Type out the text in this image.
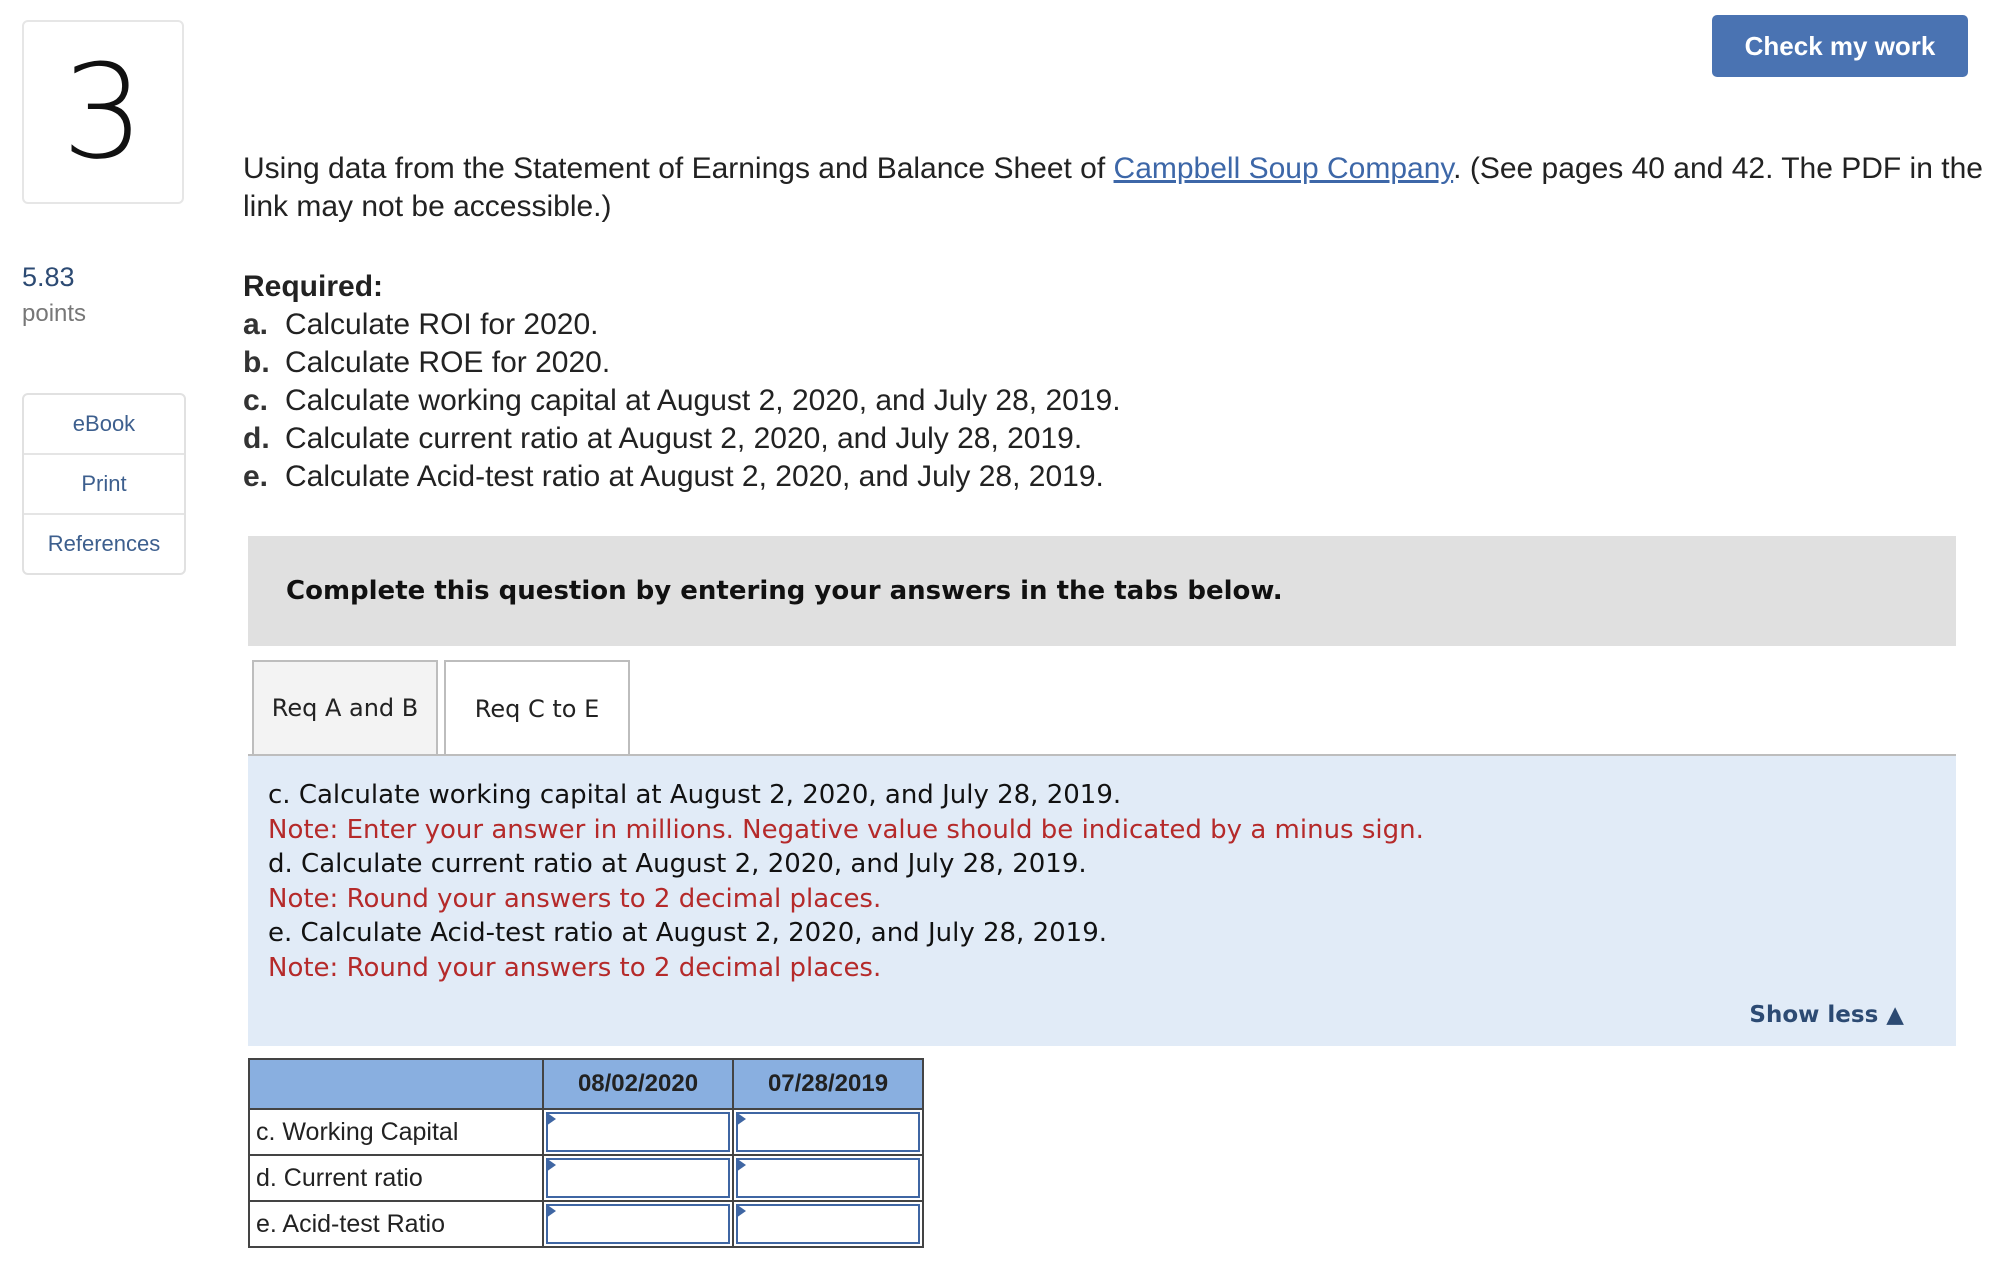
3
5.83
points
eBook
Print
References
Check my work
Using data from the Statement of Earnings and Balance Sheet of Campbell Soup Company. (See pages 40 and 42. The PDF in the link may not be accessible.)
Required:
a. Calculate ROI for 2020.
b. Calculate ROE for 2020.
c. Calculate working capital at August 2, 2020, and July 28, 2019.
d. Calculate current ratio at August 2, 2020, and July 28, 2019.
e. Calculate Acid-test ratio at August 2, 2020, and July 28, 2019.
Complete this question by entering your answers in the tabs below.
Req A and B	Req C to E
c. Calculate working capital at August 2, 2020, and July 28, 2019.
Note: Enter your answer in millions. Negative value should be indicated by a minus sign.
d. Calculate current ratio at August 2, 2020, and July 28, 2019.
Note: Round your answers to 2 decimal places.
e. Calculate Acid-test ratio at August 2, 2020, and July 28, 2019.
Note: Round your answers to 2 decimal places.
Show less ▲
	08/02/2020	07/28/2019
c. Working Capital	

d. Current ratio	

e. Acid-test Ratio	
